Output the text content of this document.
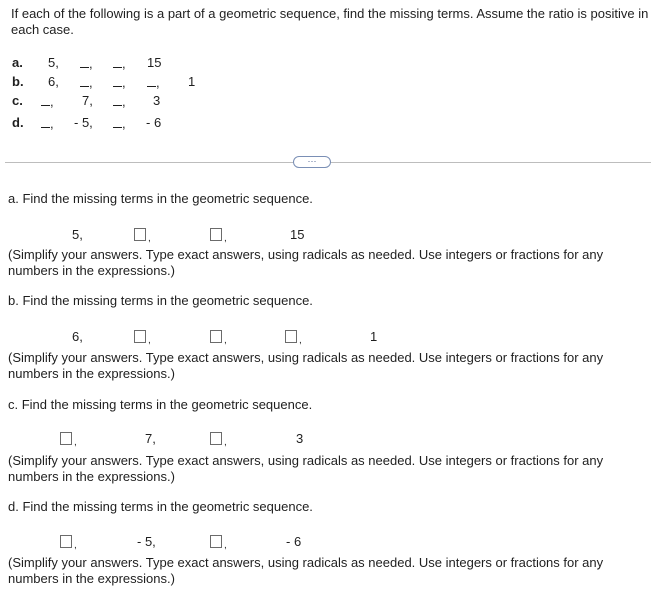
If each of the following is a part of a geometric sequence, find the missing terms. Assume the ratio is positive in each case.
a. 5,	,	, 15
b. 6,	,	,	, 1
c.	, 7,	, 3
d.	, - 5,	, - 6
···
a. Find the missing terms in the geometric sequence.
5,	,	,	15
(Simplify your answers. Type exact answers, using radicals as needed. Use integers or fractions for any numbers in the expressions.)
b. Find the missing terms in the geometric sequence.
6,	,	,	,	1
(Simplify your answers. Type exact answers, using radicals as needed. Use integers or fractions for any numbers in the expressions.)
c. Find the missing terms in the geometric sequence.
,	7,	,	3
(Simplify your answers. Type exact answers, using radicals as needed. Use integers or fractions for any numbers in the expressions.)
d. Find the missing terms in the geometric sequence.
,	- 5,	,	- 6
(Simplify your answers. Type exact answers, using radicals as needed. Use integers or fractions for any numbers in the expressions.)
